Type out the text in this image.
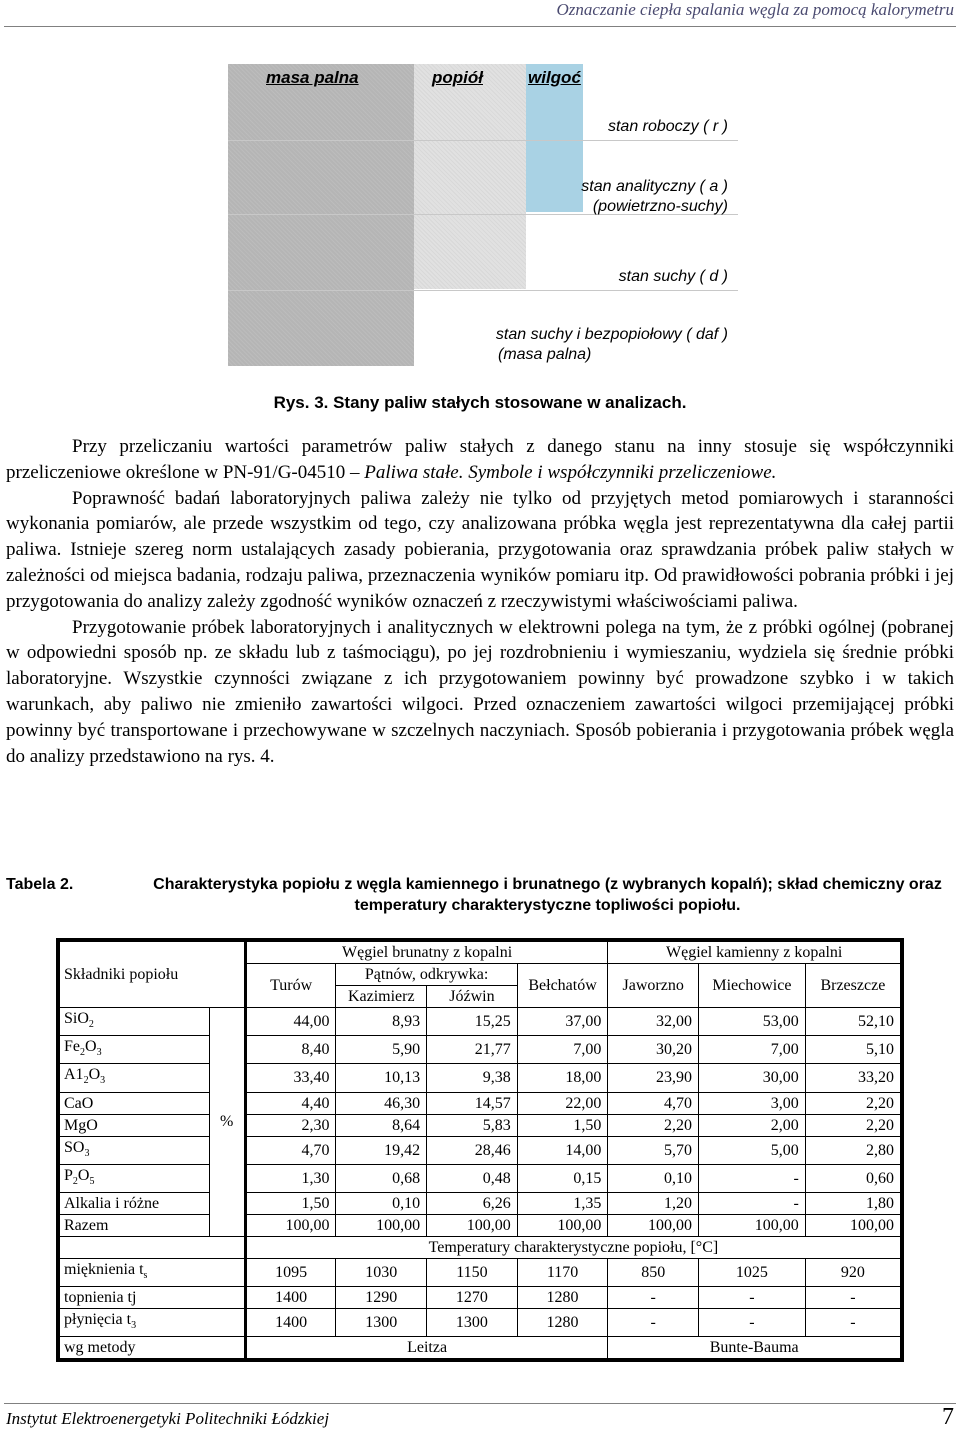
Oznaczanie ciepła spalania węgla za pomocą kalorymetru
masa palna	popiół	wilgoć
stan roboczy ( r )
stan analityczny ( a )
(powietrzno-suchy)
stan suchy ( d )
stan suchy i bezpopiołowy ( daf )
(masa palna)
Rys. 3. Stany paliw stałych stosowane w analizach.

Przy przeliczaniu wartości parametrów paliw stałych z danego stanu na inny stosuje się współczynniki przeliczeniowe określone w PN-91/G-04510 – Paliwa stałe. Symbole i współczynniki przeliczeniowe.

Poprawność badań laboratoryjnych paliwa zależy nie tylko od przyjętych metod pomiarowych i staranności wykonania pomiarów, ale przede wszystkim od tego, czy analizowana próbka węgla jest reprezentatywna dla całej partii paliwa. Istnieje szereg norm ustalających zasady pobierania, przygotowania oraz sprawdzania próbek paliw stałych w zależności od miejsca badania, rodzaju paliwa, przeznaczenia wyników pomiaru itp. Od prawidłowości pobrania próbki i jej przygotowania do analizy zależy zgodność wyników oznaczeń z rzeczywistymi właściwościami paliwa.

Przygotowanie próbek laboratoryjnych i analitycznych w elektrowni polega na tym, że z próbki ogólnej (pobranej w odpowiedni sposób np. ze składu lub z taśmociągu), po jej rozdrobnieniu i wymieszaniu, wydziela się średnie próbki laboratoryjne. Wszystkie czynności związane z ich przygotowaniem powinny być prowadzone szybko i w takich warunkach, aby paliwo nie zmieniło zawartości wilgoci. Przed oznaczeniem zawartości wilgoci przemijającej próbki powinny być transportowane i przechowywane w szczelnych naczyniach. Sposób pobierania i przygotowania próbek węgla do analizy przedstawiono na rys. 4.

Tabela 2.	Charakterystyka popiołu z węgla kamiennego i brunatnego (z wybranych kopalń); skład chemiczny oraz temperatury charakterystyczne topliwości popiołu.
Składniki popiołu		Węgiel brunatny z kopalni				Węgiel kamienny z kopalni		
		Turów	Pątnów, odkrywka:		Bełchatów	Jaworzno	Miechowice	Brzeszcze
			Kazimierz	Jóźwin				
SiO$_2$	%	44,00	8,93	15,25	37,00	32,00	53,00	52,10
$Fe_2O_3$		8,40	5,90	21,77	7,00	30,20	7,00	5,10
$A1_2O_3$		33,40	10,13	9,38	18,00	23,90	30,00	33,20
CaO		4,40	46,30	14,57	22,00	4,70	3,00	2,20
MgO		2,30	8,64	5,83	1,50	2,20	2,00	2,20
$SO_3$		4,70	19,42	28,46	14,00	5,70	5,00	2,80
$P_2O_5$		1,30	0,68	0,48	0,15	0,10	-	0,60
Alkalia i różne		1,50	0,10	6,26	1,35	1,20	-	1,80
Razem		100,00	100,00	100,00	100,00	100,00	100,00	100,00
		Temperatury charakterystyczne popiołu, [°C]						
mięknienia $t_s$		1095	1030	1150	1170	850	1025	920
topnienia tj		1400	1290	1270	1280	-	-	-
płynięcia $t_3$		1400	1300	1300	1280	-	-	-
wg metody		Leitza				Bunte-Bauma		
Instytut Elektroenergetyki Politechniki Łódzkiej	7
